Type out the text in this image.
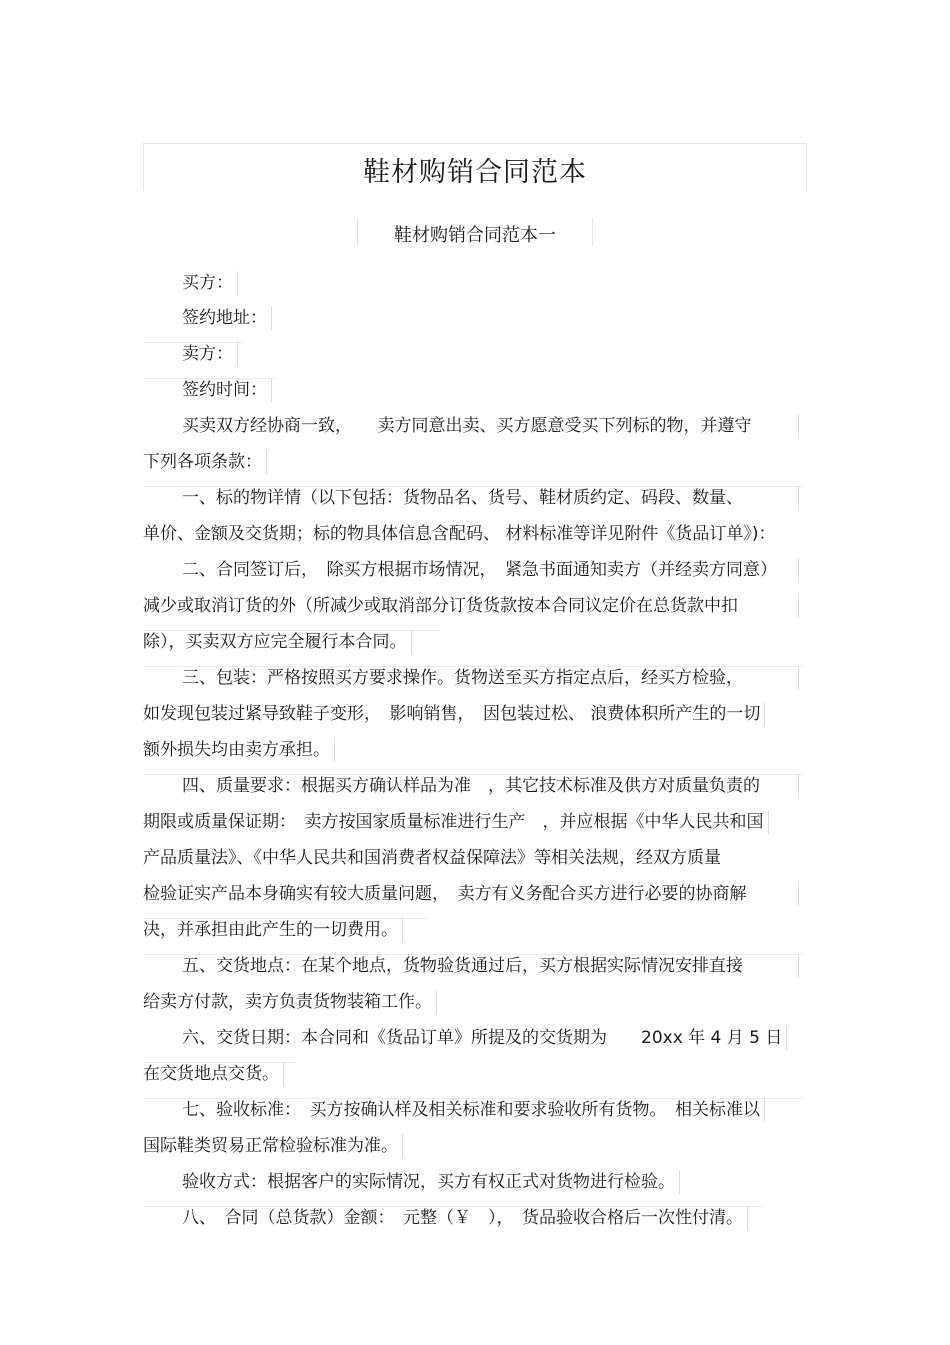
鞋材购销合同范本
鞋材购销合同范本一
买方：
签约地址：
卖方：
签约时间：
买卖双方经协商一致，　　卖方同意出卖、买方愿意受买下列标的物，并遵守
下列各项条款：
一、标的物详情（以下包括：货物品名、货号、鞋材质约定、码段、数量、
单价、金额及交货期；标的物具体信息含配码、 材料标准等详见附件《货品订单》)：
二、合同签订后，　除买方根据市场情况，　紧急书面通知卖方（并经卖方同意）
减少或取消订货的外（所减少或取消部分订货货款按本合同议定价在总货款中扣
除），买卖双方应完全履行本合同。
三、包装：严格按照买方要求操作。货物送至买方指定点后，经买方检验，
如发现包装过紧导致鞋子变形，　影响销售，　因包装过松、 浪费体积所产生的一切
额外损失均由卖方承担。
四、质量要求：根据买方确认样品为准　，其它技术标准及供方对质量负责的
期限或质量保证期：　卖方按国家质量标准进行生产　，并应根据《中华人民共和国
产品质量法》、《中华人民共和国消费者权益保障法》等相关法规，经双方质量
检验证实产品本身确实有较大质量问题，　卖方有义务配合买方进行必要的协商解
决，并承担由此产生的一切费用。
五、交货地点：在某个地点，货物验货通过后，买方根据实际情况安排直接
给卖方付款，卖方负责货物装箱工作。
六、交货日期：本合同和《货品订单》所提及的交货期为　　20xx 年 4 月 5 日
在交货地点交货。
七、验收标准：　买方按确认样及相关标准和要求验收所有货物。　相关标准以
国际鞋类贸易正常检验标准为准。
验收方式：根据客户的实际情况，买方有权正式对货物进行检验。
八、　合同（总货款）金额：　元整（￥　），　货品验收合格后一次性付清。
